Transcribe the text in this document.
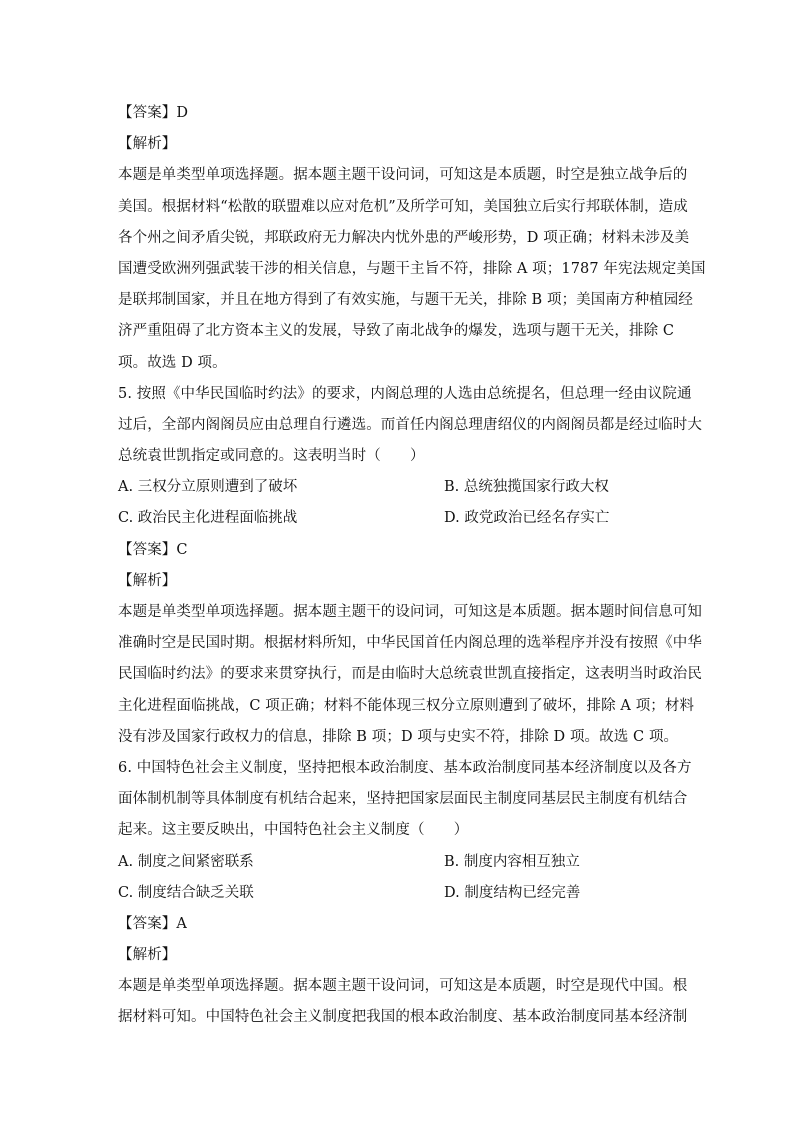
【答案】D
【解析】
本题是单类型单项选择题。据本题主题干设问词，可知这是本质题，时空是独立战争后的
美国。根据材料“松散的联盟难以应对危机”及所学可知，美国独立后实行邦联体制，造成
各个州之间矛盾尖锐，邦联政府无力解决内忧外患的严峻形势，D 项正确；材料未涉及美
国遭受欧洲列强武装干涉的相关信息，与题干主旨不符，排除 A 项；1787 年宪法规定美国
是联邦制国家，并且在地方得到了有效实施，与题干无关，排除 B 项；美国南方种植园经
济严重阻碍了北方资本主义的发展，导致了南北战争的爆发，选项与题干无关，排除 C
项。故选 D 项。
5. 按照《中华民国临时约法》的要求，内阁总理的人选由总统提名，但总理一经由议院通
过后，全部内阁阁员应由总理自行遴选。而首任内阁总理唐绍仪的内阁阁员都是经过临时大
总统袁世凯指定或同意的。这表明当时（　　）
A. 三权分立原则遭到了破坏	B. 总统独揽国家行政大权
C. 政治民主化进程面临挑战	D. 政党政治已经名存实亡
【答案】C
【解析】
本题是单类型单项选择题。据本题主题干的设问词，可知这是本质题。据本题时间信息可知
准确时空是民国时期。根据材料所知，中华民国首任内阁总理的选举程序并没有按照《中华
民国临时约法》的要求来贯穿执行，而是由临时大总统袁世凯直接指定，这表明当时政治民
主化进程面临挑战，C 项正确；材料不能体现三权分立原则遭到了破坏，排除 A 项；材料
没有涉及国家行政权力的信息，排除 B 项；D 项与史实不符，排除 D 项。故选 C 项。
6. 中国特色社会主义制度，坚持把根本政治制度、基本政治制度同基本经济制度以及各方
面体制机制等具体制度有机结合起来，坚持把国家层面民主制度同基层民主制度有机结合
起来。这主要反映出，中国特色社会主义制度（　　）
A. 制度之间紧密联系	B. 制度内容相互独立
C. 制度结合缺乏关联	D. 制度结构已经完善
【答案】A
【解析】
本题是单类型单项选择题。据本题主题干设问词，可知这是本质题，时空是现代中国。根
据材料可知。中国特色社会主义制度把我国的根本政治制度、基本政治制度同基本经济制
